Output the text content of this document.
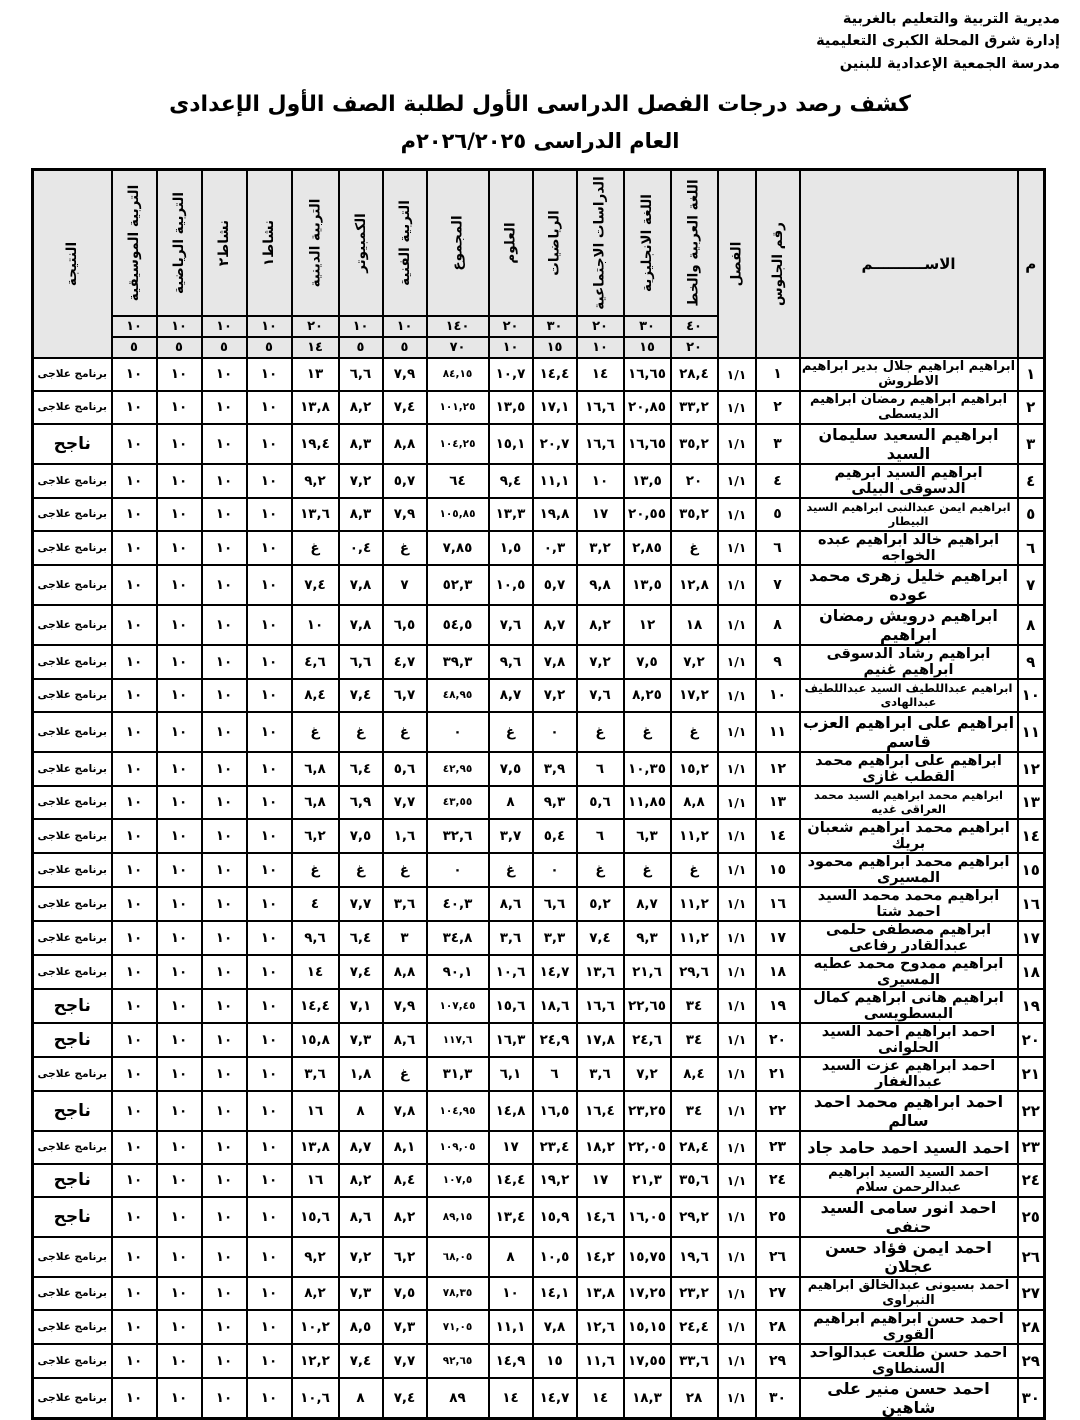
مديرية التربية والتعليم بالغربية
إدارة شرق المحلة الكبرى التعليمية
مدرسة الجمعية الإعدادية للبنين
كشف رصد درجات الفصل الدراسى الأول لطلبة الصف الأول الإعدادى
العام الدراسى ٢٠٢٦/٢٠٢٥م
م	الاســــــــــم	رقم الجلوس	الفصل	اللغة العربية والخط	اللغة الانجليزية	الدراسات الاجتماعية	الرياضيات	العلوم	المجموع	التربية الفنية	الكمبيوتر	التربية الدينية	نشاط١	نشاط٢	التربية الرياضية	التربية الموسيقية	النتيجة

				٤٠	٣٠	٢٠	٣٠	٢٠	١٤٠	١٠	١٠	٢٠	١٠	١٠	١٠	١٠	
				٢٠	١٥	١٠	١٥	١٠	٧٠	٥	٥	١٤	٥	٥	٥	٥	
١	ابراهيم ابراهيم جلال بدير ابراهيم الاطروش	١	١/١	٢٨,٤	١٦,٦٥	١٤	١٤,٤	١٠,٧	٨٤,١٥	٧,٩	٦,٦	١٣	١٠	١٠	١٠	١٠	برنامج علاجى
٢	ابراهيم ابراهيم رمضان ابراهيم الديسطى	٢	١/١	٣٣,٢	٢٠,٨٥	١٦,٦	١٧,١	١٣,٥	١٠١,٢٥	٧,٤	٨,٢	١٣,٨	١٠	١٠	١٠	١٠	برنامج علاجى
٣	ابراهيم السعيد سليمان السيد	٣	١/١	٣٥,٢	١٦,٦٥	١٦,٦	٢٠,٧	١٥,١	١٠٤,٢٥	٨,٨	٨,٣	١٩,٤	١٠	١٠	١٠	١٠	ناجح
٤	ابراهيم السيد ابرهيم الدسوقى البيلى	٤	١/١	٢٠	١٣,٥	١٠	١١,١	٩,٤	٦٤	٥,٧	٧,٢	٩,٢	١٠	١٠	١٠	١٠	برنامج علاجى
٥	ابراهيم ايمن عبدالنبى ابراهيم السيد البيطار	٥	١/١	٣٥,٢	٢٠,٥٥	١٧	١٩,٨	١٣,٣	١٠٥,٨٥	٧,٩	٨,٣	١٣,٦	١٠	١٠	١٠	١٠	برنامج علاجى
٦	ابراهيم خالد ابراهيم عبده الخواجه	٦	١/١	غ	٢,٨٥	٣,٢	٠,٣	١,٥	٧,٨٥	غ	٠,٤	غ	١٠	١٠	١٠	١٠	برنامج علاجى
٧	ابراهيم خليل زهرى محمد عوده	٧	١/١	١٢,٨	١٣,٥	٩,٨	٥,٧	١٠,٥	٥٢,٣	٧	٧,٨	٧,٤	١٠	١٠	١٠	١٠	برنامج علاجى
٨	ابراهيم درويش رمضان ابراهيم	٨	١/١	١٨	١٢	٨,٢	٨,٧	٧,٦	٥٤,٥	٦,٥	٧,٨	١٠	١٠	١٠	١٠	١٠	برنامج علاجى
٩	ابراهيم رشاد الدسوقى ابراهيم غنيم	٩	١/١	٧,٢	٧,٥	٧,٢	٧,٨	٩,٦	٣٩,٣	٤,٧	٦,٦	٤,٦	١٠	١٠	١٠	١٠	برنامج علاجى
١٠	ابراهيم عبداللطيف السيد عبداللطيف عبدالهادى	١٠	١/١	١٧,٢	٨,٢٥	٧,٦	٧,٢	٨,٧	٤٨,٩٥	٦,٧	٧,٤	٨,٤	١٠	١٠	١٠	١٠	برنامج علاجى
١١	ابراهيم على ابراهيم العزب قاسم	١١	١/١	غ	غ	غ	٠	غ	٠	غ	غ	غ	١٠	١٠	١٠	١٠	برنامج علاجى
١٢	ابراهيم على ابراهيم محمد القطب غازى	١٢	١/١	١٥,٢	١٠,٣٥	٦	٣,٩	٧,٥	٤٢,٩٥	٥,٦	٦,٤	٦,٨	١٠	١٠	١٠	١٠	برنامج علاجى
١٣	ابراهيم محمد ابراهيم السيد محمد العراقى غديه	١٣	١/١	٨,٨	١١,٨٥	٥,٦	٩,٣	٨	٤٣,٥٥	٧,٧	٦,٩	٦,٨	١٠	١٠	١٠	١٠	برنامج علاجى
١٤	ابراهيم محمد ابراهيم شعبان بريك	١٤	١/١	١١,٢	٦,٣	٦	٥,٤	٣,٧	٣٢,٦	١,٦	٧,٥	٦,٢	١٠	١٠	١٠	١٠	برنامج علاجى
١٥	ابراهيم محمد ابراهيم محمود المسيرى	١٥	١/١	غ	غ	غ	٠	غ	٠	غ	غ	غ	١٠	١٠	١٠	١٠	برنامج علاجى
١٦	ابراهيم محمد محمد السيد احمد شتا	١٦	١/١	١١,٢	٨,٧	٥,٢	٦,٦	٨,٦	٤٠,٣	٣,٦	٧,٧	٤	١٠	١٠	١٠	١٠	برنامج علاجى
١٧	ابراهيم مصطفى حلمى عبدالقادر رفاعى	١٧	١/١	١١,٢	٩,٣	٧,٤	٣,٣	٣,٦	٣٤,٨	٣	٦,٤	٩,٦	١٠	١٠	١٠	١٠	برنامج علاجى
١٨	ابراهيم ممدوح محمد عطيه المسيرى	١٨	١/١	٢٩,٦	٢١,٦	١٣,٦	١٤,٧	١٠,٦	٩٠,١	٨,٨	٧,٤	١٤	١٠	١٠	١٠	١٠	برنامج علاجى
١٩	ابراهيم هانى ابراهيم كمال البسطويسى	١٩	١/١	٣٤	٢٢,٦٥	١٦,٦	١٨,٦	١٥,٦	١٠٧,٤٥	٧,٩	٧,١	١٤,٤	١٠	١٠	١٠	١٠	ناجح
٢٠	احمد ابراهيم احمد السيد الحلوانى	٢٠	١/١	٣٤	٢٤,٦	١٧,٨	٢٤,٩	١٦,٣	١١٧,٦	٨,٦	٧,٣	١٥,٨	١٠	١٠	١٠	١٠	ناجح
٢١	احمد ابراهيم عزت السيد عبدالغفار	٢١	١/١	٨,٤	٧,٢	٣,٦	٦	٦,١	٣١,٣	غ	١,٨	٣,٦	١٠	١٠	١٠	١٠	برنامج علاجى
٢٢	احمد ابراهيم محمد احمد سالم	٢٢	١/١	٣٤	٢٣,٢٥	١٦,٤	١٦,٥	١٤,٨	١٠٤,٩٥	٧,٨	٨	١٦	١٠	١٠	١٠	١٠	ناجح
٢٣	احمد السيد احمد حامد جاد	٢٣	١/١	٢٨,٤	٢٢,٠٥	١٨,٢	٢٣,٤	١٧	١٠٩,٠٥	٨,١	٨,٧	١٣,٨	١٠	١٠	١٠	١٠	برنامج علاجى
٢٤	احمد السيد السيد ابراهيم عبدالرحمن سلام	٢٤	١/١	٣٥,٦	٢١,٣	١٧	١٩,٢	١٤,٤	١٠٧,٥	٨,٤	٨,٢	١٦	١٠	١٠	١٠	١٠	ناجح
٢٥	احمد انور سامى السيد حنفى	٢٥	١/١	٢٩,٢	١٦,٠٥	١٤,٦	١٥,٩	١٣,٤	٨٩,١٥	٨,٢	٨,٦	١٥,٦	١٠	١٠	١٠	١٠	ناجح
٢٦	احمد ايمن فؤاد حسن عجلان	٢٦	١/١	١٩,٦	١٥,٧٥	١٤,٢	١٠,٥	٨	٦٨,٠٥	٦,٢	٧,٢	٩,٢	١٠	١٠	١٠	١٠	برنامج علاجى
٢٧	احمد بسيونى عبدالخالق ابراهيم النبراوى	٢٧	١/١	٢٣,٢	١٧,٢٥	١٣,٨	١٤,١	١٠	٧٨,٣٥	٧,٥	٧,٣	٨,٢	١٠	١٠	١٠	١٠	برنامج علاجى
٢٨	احمد حسن ابراهيم ابراهيم القورى	٢٨	١/١	٢٤,٤	١٥,١٥	١٢,٦	٧,٨	١١,١	٧١,٠٥	٧,٣	٨,٥	١٠,٢	١٠	١٠	١٠	١٠	برنامج علاجى
٢٩	احمد حسن طلعت عبدالواحد السنطاوى	٢٩	١/١	٣٣,٦	١٧,٥٥	١١,٦	١٥	١٤,٩	٩٢,٦٥	٧,٧	٧,٤	١٢,٢	١٠	١٠	١٠	١٠	برنامج علاجى
٣٠	احمد حسن منير على شاهين	٣٠	١/١	٢٨	١٨,٣	١٤	١٤,٧	١٤	٨٩	٧,٤	٨	١٠,٦	١٠	١٠	١٠	١٠	برنامج علاجى
